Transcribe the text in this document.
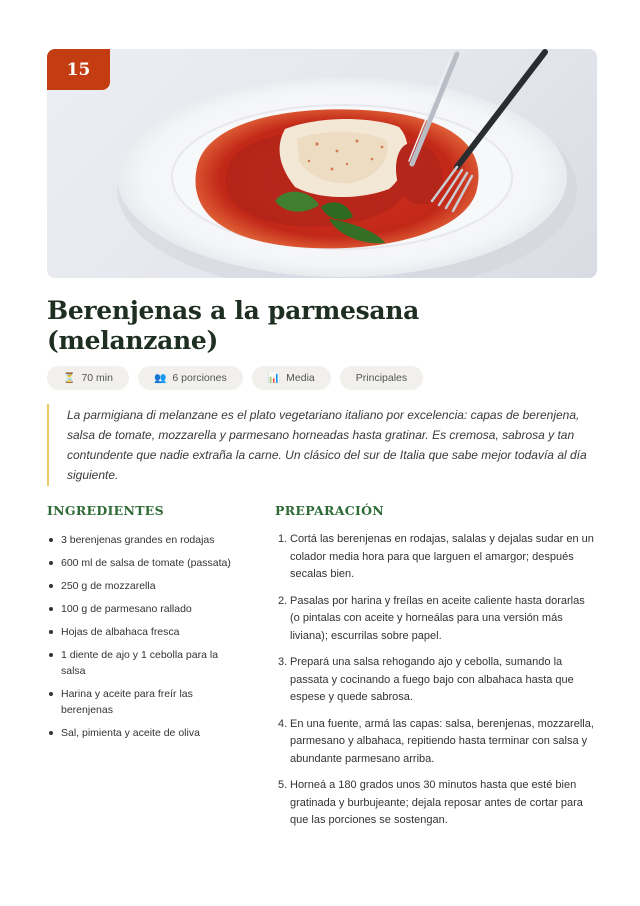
15
Berenjenas a la parmesana (melanzane)
⏳ 70 min	👥 6 porciones	📊 Media	Principales

La parmigiana di melanzane es el plato vegetariano italiano por excelencia: capas de berenjena, salsa de tomate, mozzarella y parmesano horneadas hasta gratinar. Es cremosa, sabrosa y tan contundente que nadie extraña la carne. Un clásico del sur de Italia que sabe mejor todavía al día siguiente.

INGREDIENTES
3 berenjenas grandes en rodajas
600 ml de salsa de tomate (passata)
250 g de mozzarella
100 g de parmesano rallado
Hojas de albahaca fresca
1 diente de ajo y 1 cebolla para la salsa
Harina y aceite para freír las berenjenas
Sal, pimienta y aceite de oliva
PREPARACIÓN
1. Cortá las berenjenas en rodajas, salalas y dejalas sudar en un colador media hora para que larguen el amargor; después secalas bien.
2. Pasalas por harina y freílas en aceite caliente hasta dorarlas (o pintalas con aceite y horneálas para una versión más liviana); escurrilas sobre papel.
3. Prepará una salsa rehogando ajo y cebolla, sumando la passata y cocinando a fuego bajo con albahaca hasta que espese y quede sabrosa.
4. En una fuente, armá las capas: salsa, berenjenas, mozzarella, parmesano y albahaca, repitiendo hasta terminar con salsa y abundante parmesano arriba.
5. Horneá a 180 grados unos 30 minutos hasta que esté bien gratinada y burbujeante; dejala reposar antes de cortar para que las porciones se sostengan.
